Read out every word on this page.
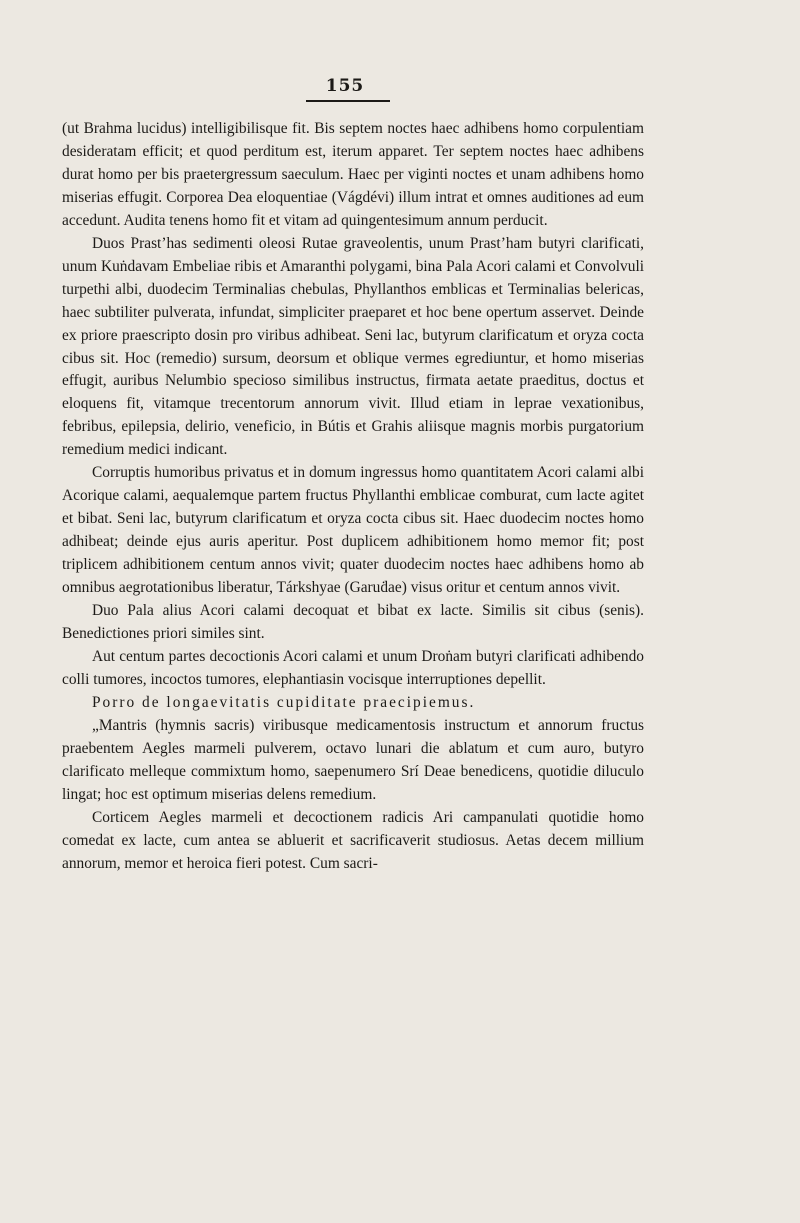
155

(ut Brahma lucidus) intelligibilisque fit. Bis septem noctes haec adhibens homo corpulentiam desideratam efficit; et quod perditum est, iterum apparet. Ter septem noctes haec adhibens durat homo per bis praetergressum saeculum. Haec per viginti noctes et unam adhibens homo miserias effugit. Corporea Dea eloquentiae (Vágdévi) illum intrat et omnes auditiones ad eum accedunt. Audita tenens homo fit et vitam ad quingentesimum annum perducit.

Duos Prast’has sedimenti oleosi Rutae graveolentis, unum Prast’ham butyri clarificati, unum Kuṅdavam Embeliae ribis et Amaranthi polygami, bina Pala Acori calami et Convolvuli turpethi albi, duodecim Terminalias chebulas, Phyllanthos emblicas et Terminalias belericas, haec subtiliter pulverata, infundat, simpliciter praeparet et hoc bene opertum asservet. Deinde ex priore praescripto dosin pro viribus adhibeat. Seni lac, butyrum clarificatum et oryza cocta cibus sit. Hoc (remedio) sursum, deorsum et oblique vermes egrediuntur, et homo miserias effugit, auribus Nelumbio specioso similibus instructus, firmata aetate praeditus, doctus et eloquens fit, vitamque trecentorum annorum vivit. Illud etiam in leprae vexationibus, febribus, epilepsia, delirio, veneficio, in Bútis et Grahis aliisque magnis morbis purgatorium remedium medici indicant.

Corruptis humoribus privatus et in domum ingressus homo quantitatem Acori calami albi Acorique calami, aequalemque partem fructus Phyllanthi emblicae comburat, cum lacte agitet et bibat. Seni lac, butyrum clarificatum et oryza cocta cibus sit. Haec duodecim noctes homo adhibeat; deinde ejus auris aperitur. Post duplicem adhibitionem homo memor fit; post triplicem adhibitionem centum annos vivit; quater duodecim noctes haec adhibens homo ab omnibus aegrotationibus liberatur, Tárkshyae (Garuḋae) visus oritur et centum annos vivit.

Duo Pala alius Acori calami decoquat et bibat ex lacte. Similis sit cibus (senis). Benedictiones priori similes sint.

Aut centum partes decoctionis Acori calami et unum Droṅam butyri clarificati adhibendo colli tumores, incoctos tumores, elephantiasin vocisque interruptiones depellit.

Porro de longaevitatis cupiditate praecipiemus.

„Mantris (hymnis sacris) viribusque medicamentosis instructum et annorum fructus praebentem Aegles marmeli pulverem, octavo lunari die ablatum et cum auro, butyro clarificato melleque commixtum homo, saepenumero Srí Deae benedicens, quotidie diluculo lingat; hoc est optimum miserias delens remedium.

Corticem Aegles marmeli et decoctionem radicis Ari campanulati quotidie homo comedat ex lacte, cum antea se abluerit et sacrificaverit studiosus. Aetas decem millium annorum, memor et heroica fieri potest. Cum sacri-
